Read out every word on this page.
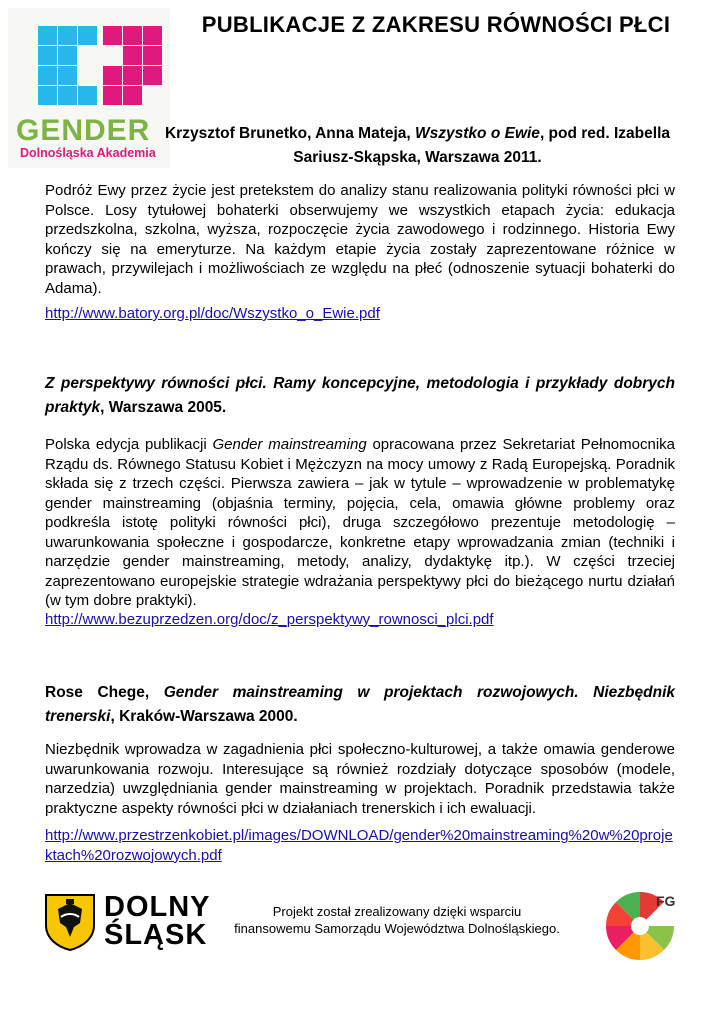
GENDER
Dolnośląska Akademia
PUBLIKACJE Z ZAKRESU RÓWNOŚCI PŁCI
Krzysztof Brunetko, Anna Mateja, Wszystko o Ewie, pod red. Izabella Sariusz-Skąpska, Warszawa 2011.
Podróż Ewy przez życie jest pretekstem do analizy stanu realizowania polityki równości płci w Polsce. Losy tytułowej bohaterki obserwujemy we wszystkich etapach życia: edukacja przedszkolna, szkolna, wyższa, rozpoczęcie życia zawodowego i rodzinnego. Historia Ewy kończy się na emeryturze. Na każdym etapie życia zostały zaprezentowane różnice w prawach, przywilejach i możliwościach ze względu na płeć (odnoszenie sytuacji bohaterki do Adama).
http://www.batory.org.pl/doc/Wszystko_o_Ewie.pdf
Z perspektywy równości płci. Ramy koncepcyjne, metodologia i przykłady dobrych praktyk, Warszawa 2005.
Polska edycja publikacji Gender mainstreaming opracowana przez Sekretariat Pełnomocnika Rządu ds. Równego Statusu Kobiet i Mężczyzn na mocy umowy z Radą Europejską. Poradnik składa się z trzech części. Pierwsza zawiera – jak w tytule – wprowadzenie w problematykę gender mainstreaming (objaśnia terminy, pojęcia, cela, omawia główne problemy oraz podkreśla istotę polityki równości płci), druga szczegółowo prezentuje metodologię – uwarunkowania społeczne i gospodarcze, konkretne etapy wprowadzania zmian (techniki i narzędzie gender mainstreaming, metody, analizy, dydaktykę itp.). W części trzeciej zaprezentowano europejskie strategie wdrażania perspektywy płci do bieżącego nurtu działań (w tym dobre praktyki).
http://www.bezuprzedzen.org/doc/z_perspektywy_rownosci_plci.pdf
Rose Chege, Gender mainstreaming w projektach rozwojowych. Niezbędnik trenerski, Kraków-Warszawa 2000.
Niezbędnik wprowadza w zagadnienia płci społeczno-kulturowej, a także omawia genderowe uwarunkowania rozwoju. Interesujące są również rozdziały dotyczące sposobów (modele, narzedzia) uwzględniania gender mainstreaming w projektach. Poradnik przedstawia także praktyczne aspekty równości płci w działaniach trenerskich i ich ewaluacji.
http://www.przestrzenkobiet.pl/images/DOWNLOAD/gender%20mainstreaming%20w%20projektach%20rozwojowych.pdf
DOLNY
ŚLĄSK
Projekt został zrealizowany dzięki wsparciu
finansowemu Samorządu Województwa Dolnośląskiego.
FG
